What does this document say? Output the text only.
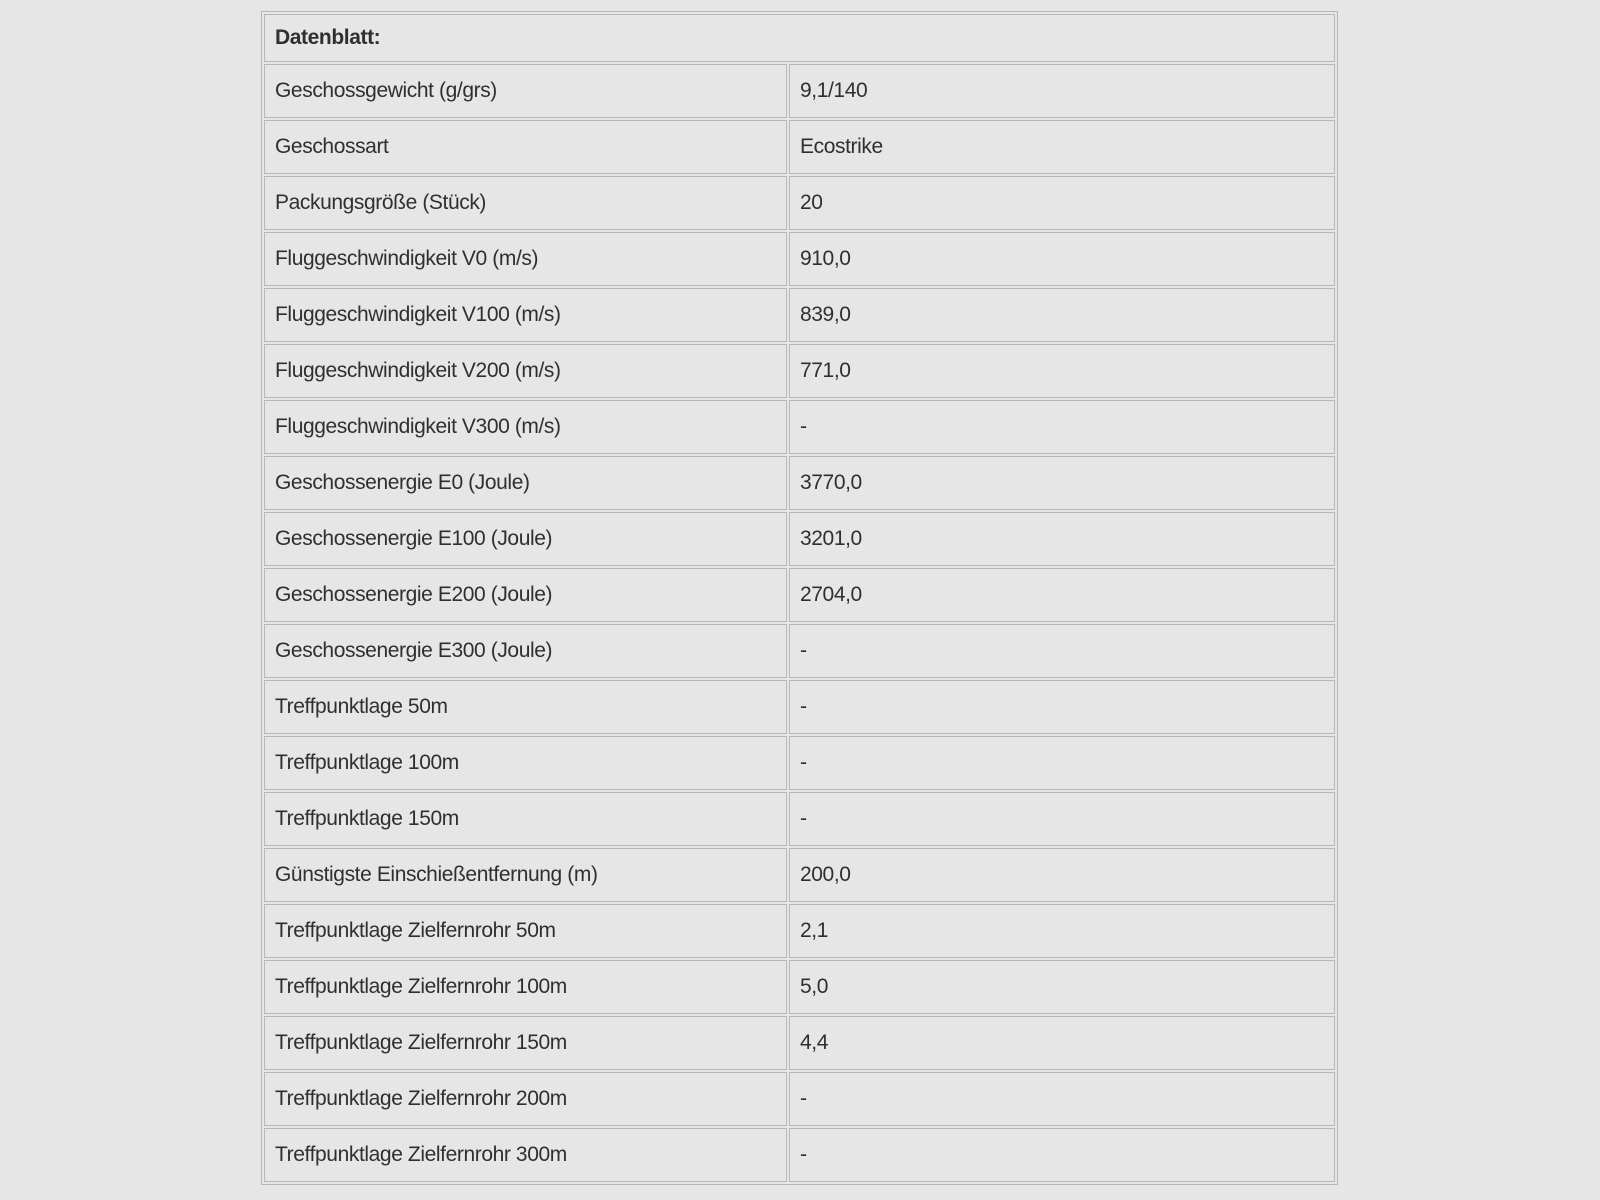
Datenblatt:	
Geschossgewicht (g/grs)	9,1/140
Geschossart	Ecostrike
Packungsgröße (Stück)	20
Fluggeschwindigkeit V0 (m/s)	910,0
Fluggeschwindigkeit V100 (m/s)	839,0
Fluggeschwindigkeit V200 (m/s)	771,0
Fluggeschwindigkeit V300 (m/s)	-
Geschossenergie E0 (Joule)	3770,0
Geschossenergie E100 (Joule)	3201,0
Geschossenergie E200 (Joule)	2704,0
Geschossenergie E300 (Joule)	-
Treffpunktlage 50m	-
Treffpunktlage 100m	-
Treffpunktlage 150m	-
Günstigste Einschießentfernung (m)	200,0
Treffpunktlage Zielfernrohr 50m	2,1
Treffpunktlage Zielfernrohr 100m	5,0
Treffpunktlage Zielfernrohr 150m	4,4
Treffpunktlage Zielfernrohr 200m	-
Treffpunktlage Zielfernrohr 300m	-
